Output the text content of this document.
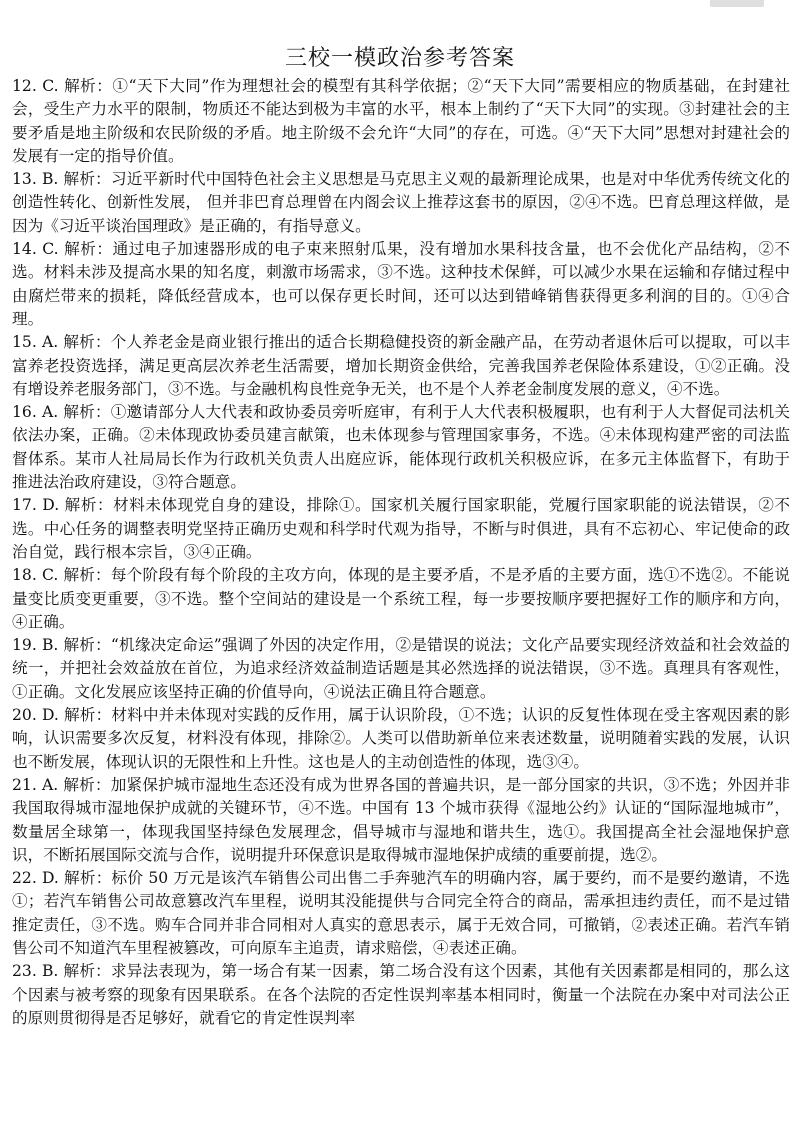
三校一模政治参考答案

12. C. 解析：①“天下大同”作为理想社会的模型有其科学依据；②“天下大同”需要相应的物质基础，在封建社会，受生产力水平的限制，物质还不能达到极为丰富的水平，根本上制约了“天下大同”的实现。③封建社会的主要矛盾是地主阶级和农民阶级的矛盾。地主阶级不会允许“大同”的存在，可选。④“天下大同”思想对封建社会的发展有一定的指导价值。

13. B. 解析：习近平新时代中国特色社会主义思想是马克思主义观的最新理论成果，也是对中华优秀传统文化的创造性转化、创新性发展， 但并非巴育总理曾在内阁会议上推荐这套书的原因，②④不选。巴育总理这样做，是因为《习近平谈治国理政》是正确的，有指导意义。

14. C. 解析：通过电子加速器形成的电子束来照射瓜果，没有增加水果科技含量，也不会优化产品结构，②不选。材料未涉及提高水果的知名度，刺激市场需求，③不选。这种技术保鲜，可以减少水果在运输和存储过程中由腐烂带来的损耗，降低经营成本，也可以保存更长时间，还可以达到错峰销售获得更多利润的目的。①④合理。

15. A. 解析：个人养老金是商业银行推出的适合长期稳健投资的新金融产品，在劳动者退休后可以提取，可以丰富养老投资选择，满足更高层次养老生活需要，增加长期资金供给，完善我国养老保险体系建设，①②正确。没有增设养老服务部门，③不选。与金融机构良性竞争无关，也不是个人养老金制度发展的意义，④不选。

16. A. 解析：①邀请部分人大代表和政协委员旁听庭审，有利于人大代表积极履职，也有利于人大督促司法机关依法办案，正确。②未体现政协委员建言献策，也未体现参与管理国家事务，不选。④未体现构建严密的司法监督体系。某市人社局局长作为行政机关负责人出庭应诉，能体现行政机关积极应诉，在多元主体监督下，有助于推进法治政府建设，③符合题意。

17. D. 解析：材料未体现党自身的建设，排除①。国家机关履行国家职能，党履行国家职能的说法错误，②不选。中心任务的调整表明党坚持正确历史观和科学时代观为指导，不断与时俱进，具有不忘初心、牢记使命的政治自觉，践行根本宗旨，③④正确。

18. C. 解析：每个阶段有每个阶段的主攻方向，体现的是主要矛盾，不是矛盾的主要方面，选①不选②。不能说量变比质变更重要，③不选。整个空间站的建设是一个系统工程，每一步要按顺序要把握好工作的顺序和方向，④正确。

19. B. 解析：“机缘决定命运”强调了外因的决定作用，②是错误的说法；文化产品要实现经济效益和社会效益的统一，并把社会效益放在首位，为追求经济效益制造话题是其必然选择的说法错误，③不选。真理具有客观性，①正确。文化发展应该坚持正确的价值导向，④说法正确且符合题意。

20. D. 解析：材料中并未体现对实践的反作用，属于认识阶段，①不选；认识的反复性体现在受主客观因素的影响，认识需要多次反复，材料没有体现，排除②。人类可以借助新单位来表述数量，说明随着实践的发展，认识也不断发展，体现认识的无限性和上升性。这也是人的主动创造性的体现，选③④。

21. A. 解析：加紧保护城市湿地生态还没有成为世界各国的普遍共识，是一部分国家的共识，③不选；外因并非我国取得城市湿地保护成就的关键环节，④不选。中国有 13 个城市获得《湿地公约》认证的“国际湿地城市”，数量居全球第一，体现我国坚持绿色发展理念，倡导城市与湿地和谐共生，选①。我国提高全社会湿地保护意识，不断拓展国际交流与合作，说明提升环保意识是取得城市湿地保护成绩的重要前提，选②。

22. D. 解析：标价 50 万元是该汽车销售公司出售二手奔驰汽车的明确内容，属于要约，而不是要约邀请，不选①；若汽车销售公司故意篡改汽车里程，说明其没能提供与合同完全符合的商品，需承担违约责任，而不是过错推定责任，③不选。购车合同并非合同相对人真实的意思表示，属于无效合同，可撤销，②表述正确。若汽车销售公司不知道汽车里程被篡改，可向原车主追责，请求赔偿，④表述正确。

23. B. 解析：求异法表现为，第一场合有某一因素，第二场合没有这个因素，其他有关因素都是相同的，那么这个因素与被考察的现象有因果联系。在各个法院的否定性误判率基本相同时，衡量一个法院在办案中对司法公正的原则贯彻得是否足够好，就看它的肯定性误判率
